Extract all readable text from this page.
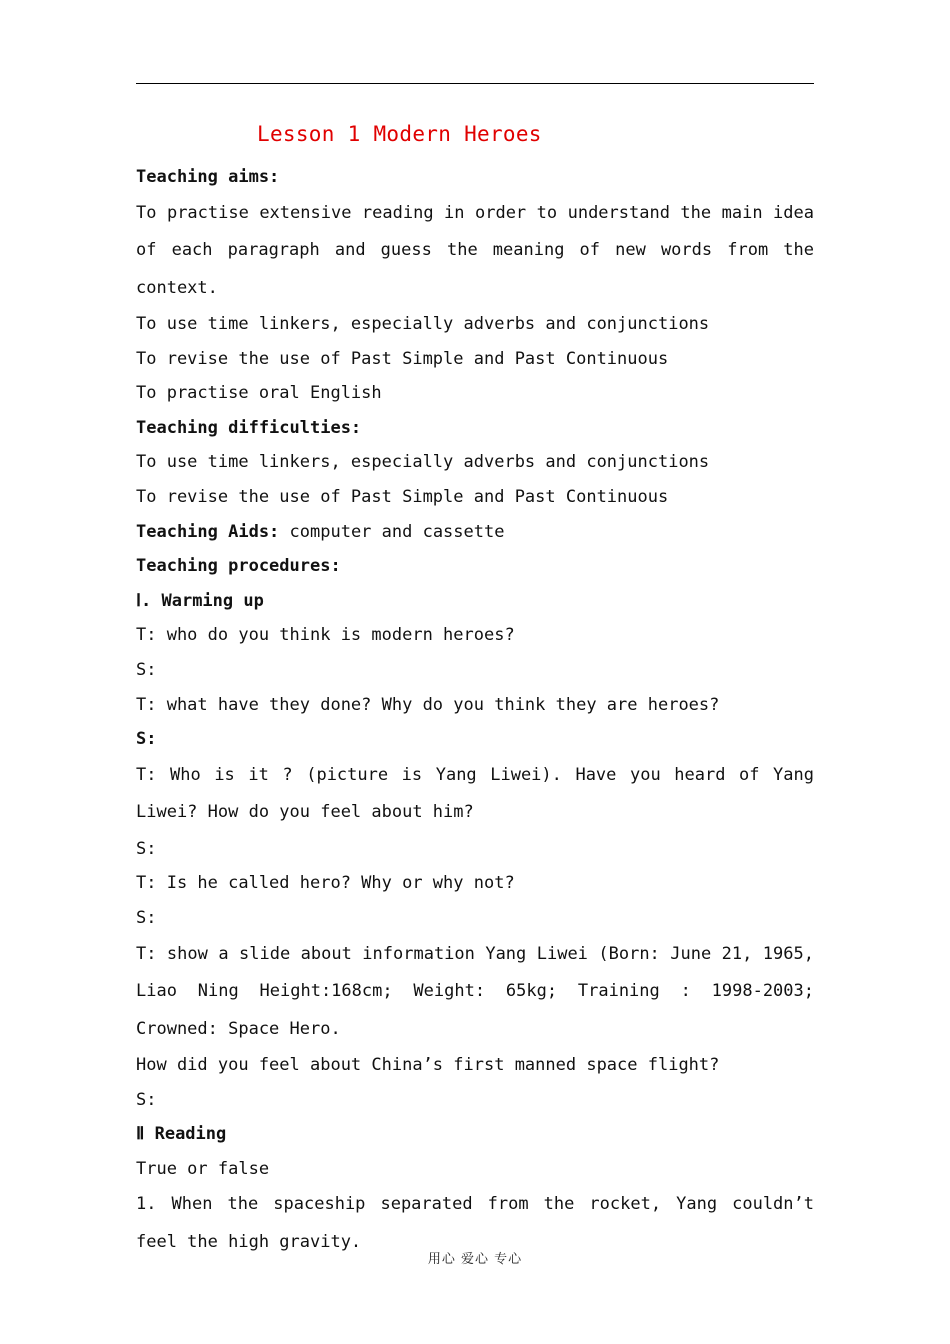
Lesson 1 Modern Heroes
Teaching aims:
To practise extensive reading in order to understand the main idea of each paragraph and guess the meaning of new words from the context.
To use time linkers, especially adverbs and conjunctions
To revise the use of Past Simple and Past Continuous
To practise oral English
Teaching difficulties:
To use time linkers, especially adverbs and conjunctions
To revise the use of Past Simple and Past Continuous
Teaching Aids: computer and cassette
Teaching procedures:
Ⅰ. Warming up
T: who do you think is modern heroes?
S:
T: what have they done? Why do you think they are heroes?
S:
T: Who is it ? (picture is Yang Liwei). Have you heard of Yang Liwei? How do you feel about him?
S:
T: Is he called hero? Why or why not?
S:
T: show a slide about information Yang Liwei (Born: June 21, 1965, Liao Ning Height:168cm; Weight: 65kg; Training : 1998-2003; Crowned: Space Hero.
How did you feel about China’s first manned space flight?
S:
Ⅱ Reading
True or false
1. When the spaceship separated from the rocket, Yang couldn’t feel the high gravity.
用心 爱心 专心
